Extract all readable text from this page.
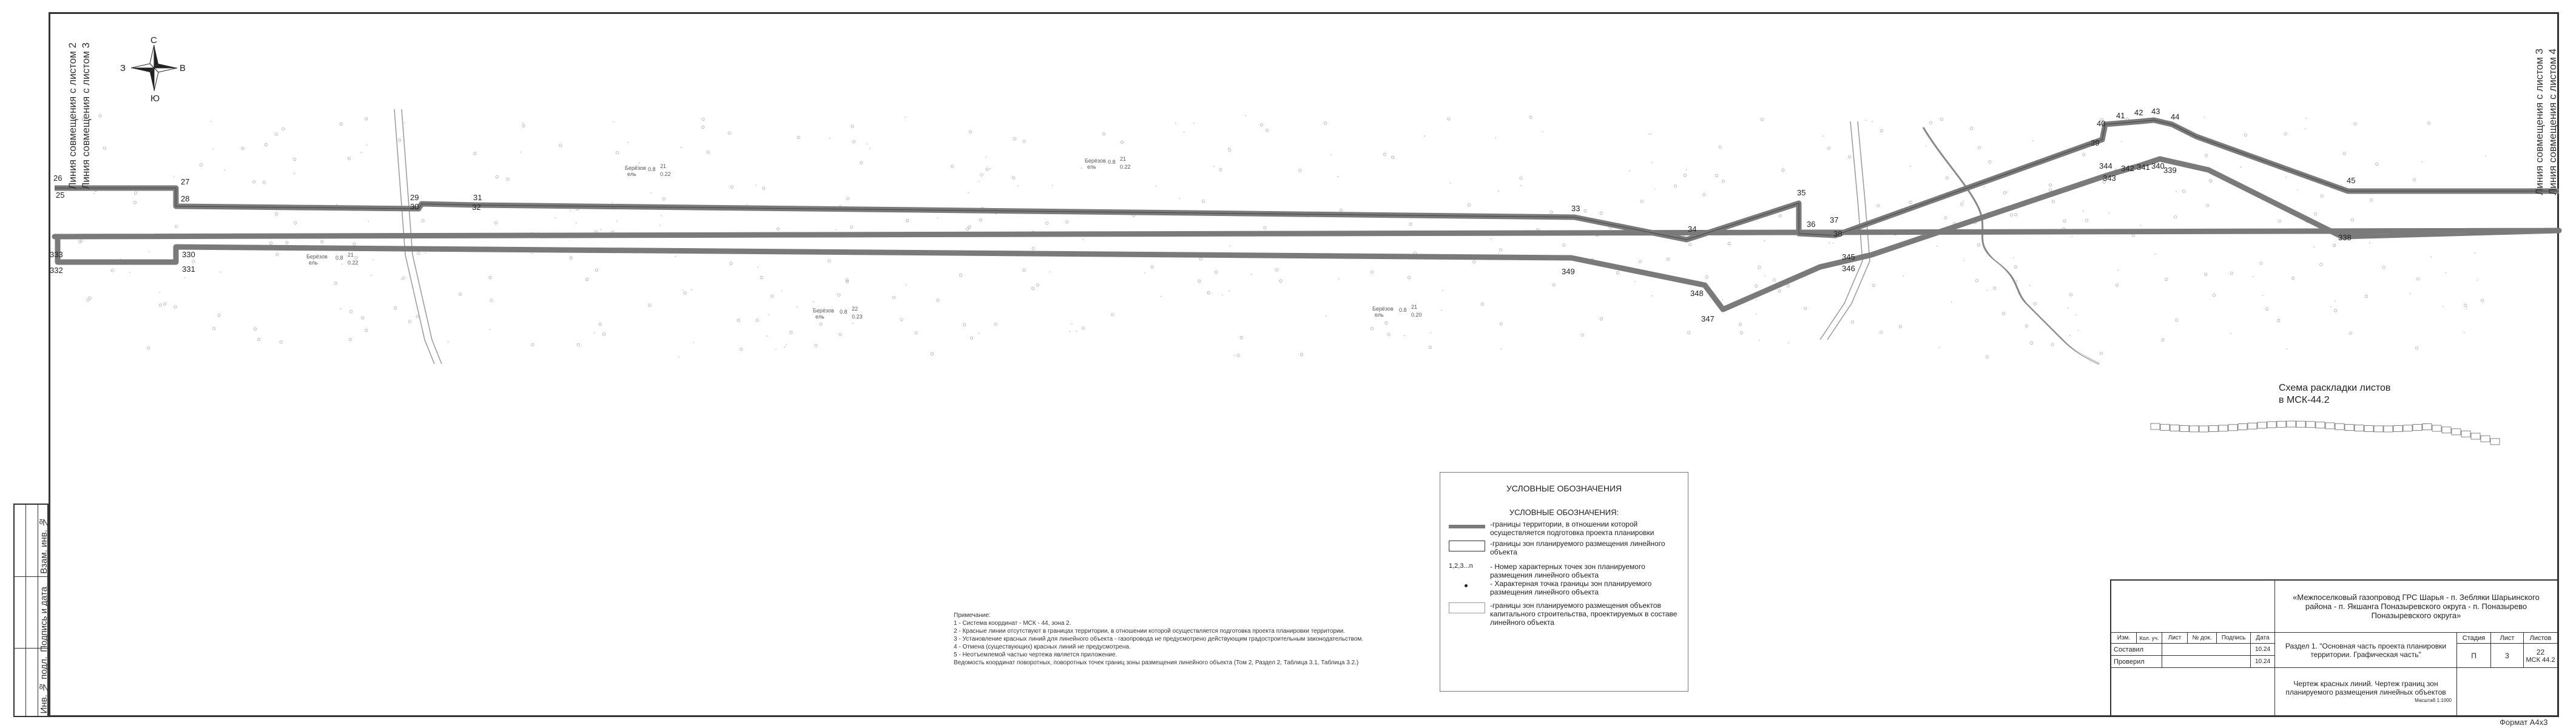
26
25
27
28	29
30
31
32	33
34
35
36 37
38
39
40
41 42 43
44
45
330
331
332
333
338
339
340
341
342
343
344
345
346
347
348
349
Берёзов
ель
0.8 21
0.22
Берёзов
ель
0.8 21
0.22
Берёзов
ель
0.8 21
0.22
Берёзов
ель
0.8 22
0.23
Берёзов
ель
0.8 21
0.20
С
Ю
З	В
Линия совмещения с листом 2 Линия совмещения с листом 3	Линия совмещения с листом 3 Линия совмещения с листом 4
Схема раскладки листов
в МСК-44.2
Взам. инв. №
Подпись и дата
Инв. № подл.
УСЛОВНЫЕ ОБОЗНАЧЕНИЯ
УСЛОВНЫЕ ОБОЗНАЧЕНИЯ:
-границы территории, в отношении которой осуществляется подготовка проекта планировки
-границы зон планируемого размещения линейного объекта
1,2,3...n	- Номер характерных точек зон планируемого размещения линейного объекта
- Характерная точка границы зон планируемого размещения линейного объекта
-границы зон планируемого размещения объектов капитального строительства, проектируемых в составе линейного объекта
Примечание:
1 - Система координат - МСК - 44, зона 2.
2 - Красные линии отсутствуют в границах территории, в отношении которой осуществляется подготовка проекта планировки территории.
3 - Установление красных линий для линейного объекта - газопровода не предусмотрено действующим градостроительным законодательством.
4 - Отмена (существующих) красных линий не предусмотрена.
5 - Неотъемлемой частью чертежа является приложение.
Ведомость координат поворотных, поворотных точек границ зоны размещения линейного объекта (Том 2, Раздел 2, Таблица 3.1, Таблица 3.2.)
Изм.	Кол. уч.	Лист	№ док.	Подпись	Дата
Составил	10.24
Проверил	10.24
«Межпоселковый газопровод ГРС Шарья - п. Зебляки Шарьинского района - п. Якшанга Поназыревского округа - п. Поназырево Поназыревского округа»
Раздел 1. "Основная часть проекта планировки территории. Графическая часть"
Стадия	Лист	Листов
П	3	22
МСК 44.2
Чертеж красных линий. Чертеж границ зон планируемого размещения линейных объектов
Масштаб 1:1000
Формат А4х3
